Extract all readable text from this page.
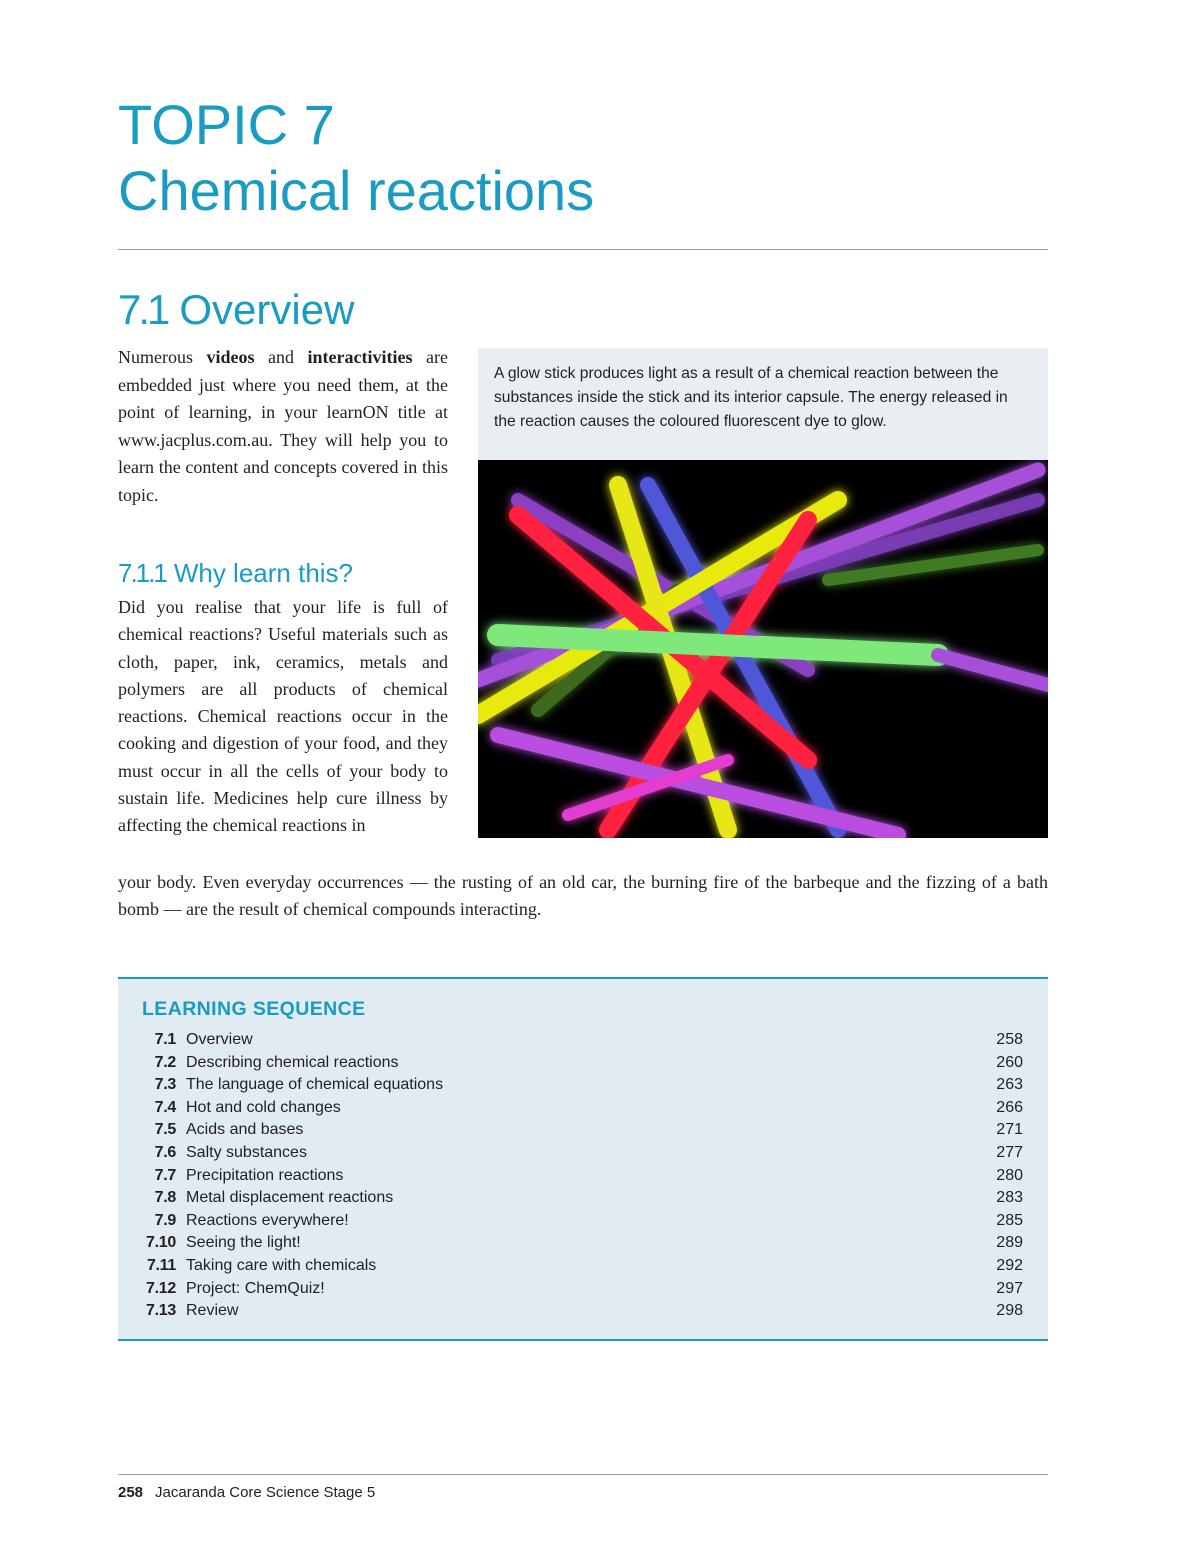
TOPIC 7
Chemical reactions
7.1 Overview

Numerous videos and interactivities are embedded just where you need them, at the point of learning, in your learnON title at www.jacplus.com.au. They will help you to learn the content and concepts covered in this topic.

7.1.1 Why learn this?

Did you realise that your life is full of chemical reactions? Useful materials such as cloth, paper, ink, ceramics, metals and polymers are all products of chemical reactions. Chemical reactions occur in the cooking and digestion of your food, and they must occur in all the cells of your body to sustain life. Medicines help cure illness by affecting the chemical reactions in

your body. Even everyday occurrences — the rusting of an old car, the burning fire of the barbeque and the fizzing of a bath bomb — are the result of chemical compounds interacting.

A glow stick produces light as a result of a chemical reaction between the substances inside the stick and its interior capsule. The energy released in the reaction causes the coloured fluorescent dye to glow.

LEARNING SEQUENCE
7.1 Overview	258
7.2 Describing chemical reactions	260
7.3 The language of chemical equations	263
7.4 Hot and cold changes	266
7.5 Acids and bases	271
7.6 Salty substances	277
7.7 Precipitation reactions	280
7.8 Metal displacement reactions	283
7.9 Reactions everywhere!	285
7.10 Seeing the light!	289
7.11 Taking care with chemicals	292
7.12 Project: ChemQuiz!	297
7.13 Review	298
258 Jacaranda Core Science Stage 5
